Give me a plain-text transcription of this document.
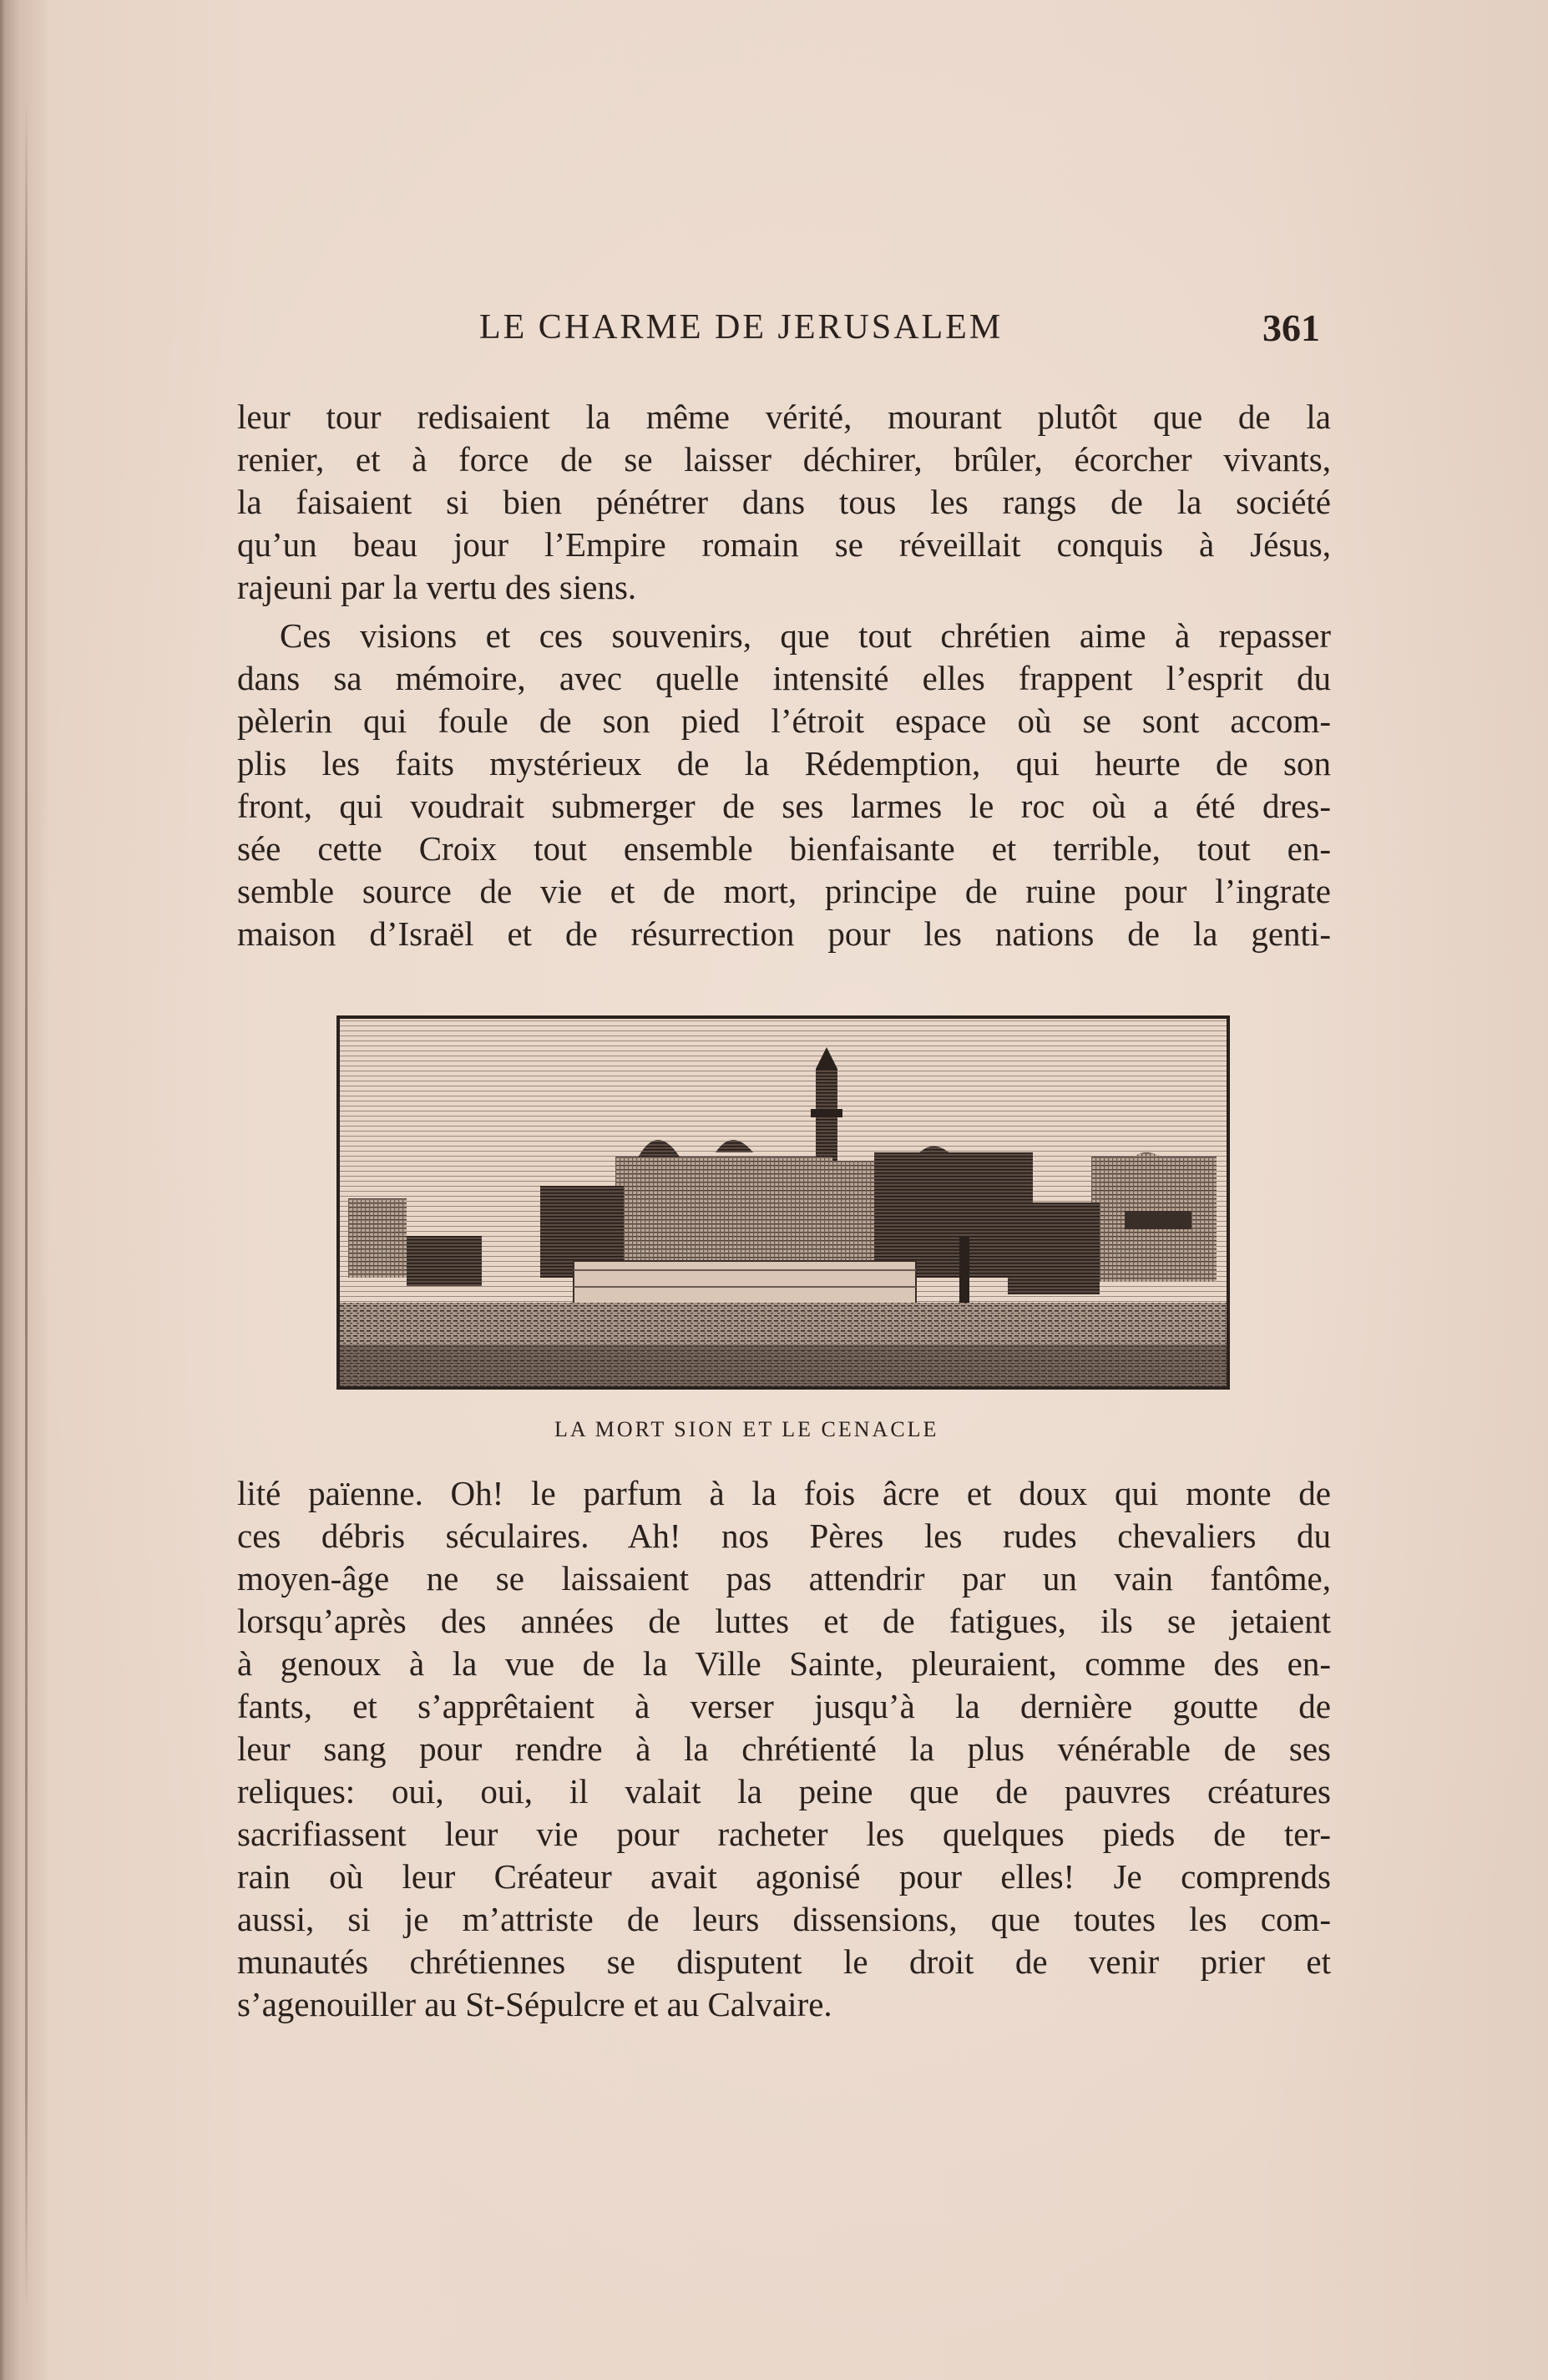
LE CHARME DE JERUSALEM	361
leur tour redisaient la même vérité, mourant plutôt que de la
renier, et à force de se laisser déchirer, brûler, écorcher vivants,
la faisaient si bien pénétrer dans tous les rangs de la société
qu’un beau jour l’Empire romain se réveillait conquis à Jésus,
rajeuni par la vertu des siens.
Ces visions et ces souvenirs, que tout chrétien aime à repasser
dans sa mémoire, avec quelle intensité elles frappent l’esprit du
pèlerin qui foule de son pied l’étroit espace où se sont accom-
plis les faits mystérieux de la Rédemption, qui heurte de son
front, qui voudrait submerger de ses larmes le roc où a été dres-
sée cette Croix tout ensemble bienfaisante et terrible, tout en-
semble source de vie et de mort, principe de ruine pour l’ingrate
maison d’Israël et de résurrection pour les nations de la genti-
LA MORT SION ET LE CENACLE
lité païenne. Oh! le parfum à la fois âcre et doux qui monte de
ces débris séculaires. Ah! nos Pères les rudes chevaliers du
moyen-âge ne se laissaient pas attendrir par un vain fantôme,
lorsqu’après des années de luttes et de fatigues, ils se jetaient
à genoux à la vue de la Ville Sainte, pleuraient, comme des en-
fants, et s’apprêtaient à verser jusqu’à la dernière goutte de
leur sang pour rendre à la chrétienté la plus vénérable de ses
reliques: oui, oui, il valait la peine que de pauvres créatures
sacrifiassent leur vie pour racheter les quelques pieds de ter-
rain où leur Créateur avait agonisé pour elles! Je comprends
aussi, si je m’attriste de leurs dissensions, que toutes les com-
munautés chrétiennes se disputent le droit de venir prier et
s’agenouiller au St-Sépulcre et au Calvaire.
